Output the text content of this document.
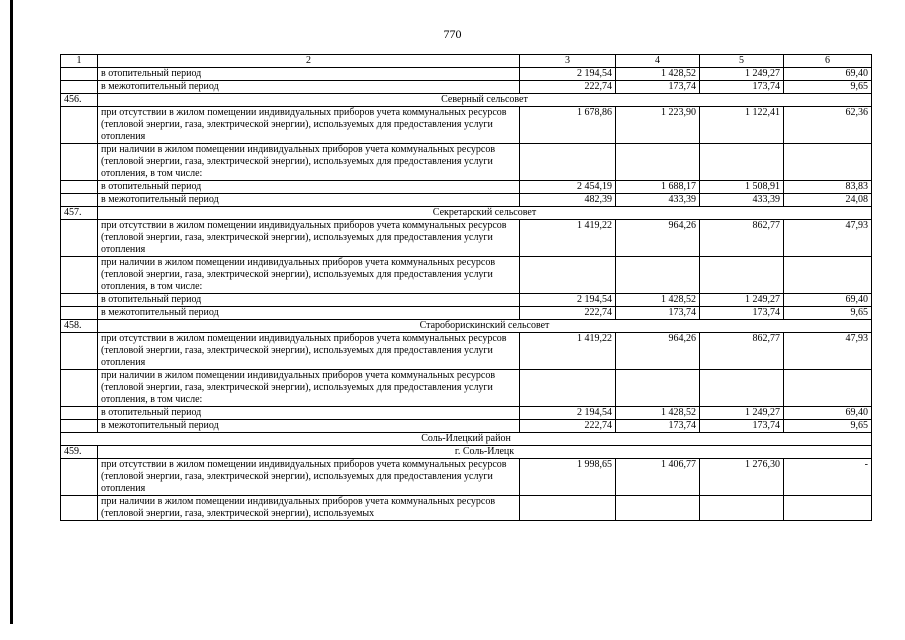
770
1	2	3	4	5	6
	в отопительный период	2 194,54	1 428,52	1 249,27	69,40
	в межотопительный период	222,74	173,74	173,74	9,65
456.	Северный сельсовет				
	при отсутствии в жилом помещении индивидуальных приборов учета коммунальных ресурсов (тепловой энергии, газа, электрической энергии), используемых для предоставления услуги отопления	1 678,86	1 223,90	1 122,41	62,36
	при наличии в жилом помещении индивидуальных приборов учета коммунальных ресурсов (тепловой энергии, газа, электрической энергии), используемых для предоставления услуги отопления, в том числе:				
	в отопительный период	2 454,19	1 688,17	1 508,91	83,83
	в межотопительный период	482,39	433,39	433,39	24,08
457.	Секретарский сельсовет				
	при отсутствии в жилом помещении индивидуальных приборов учета коммунальных ресурсов (тепловой энергии, газа, электрической энергии), используемых для предоставления услуги отопления	1 419,22	964,26	862,77	47,93
	при наличии в жилом помещении индивидуальных приборов учета коммунальных ресурсов (тепловой энергии, газа, электрической энергии), используемых для предоставления услуги отопления, в том числе:				
	в отопительный период	2 194,54	1 428,52	1 249,27	69,40
	в межотопительный период	222,74	173,74	173,74	9,65
458.	Староборискинский сельсовет				
	при отсутствии в жилом помещении индивидуальных приборов учета коммунальных ресурсов (тепловой энергии, газа, электрической энергии), используемых для предоставления услуги отопления	1 419,22	964,26	862,77	47,93
	при наличии в жилом помещении индивидуальных приборов учета коммунальных ресурсов (тепловой энергии, газа, электрической энергии), используемых для предоставления услуги отопления, в том числе:				
	в отопительный период	2 194,54	1 428,52	1 249,27	69,40
	в межотопительный период	222,74	173,74	173,74	9,65
Соль-Илецкий район					
459.	г. Соль-Илецк				
	при отсутствии в жилом помещении индивидуальных приборов учета коммунальных ресурсов (тепловой энергии, газа, электрической энергии), используемых для предоставления услуги отопления	1 998,65	1 406,77	1 276,30	-
	при наличии в жилом помещении индивидуальных приборов учета коммунальных ресурсов (тепловой энергии, газа, электрической энергии), используемых				
